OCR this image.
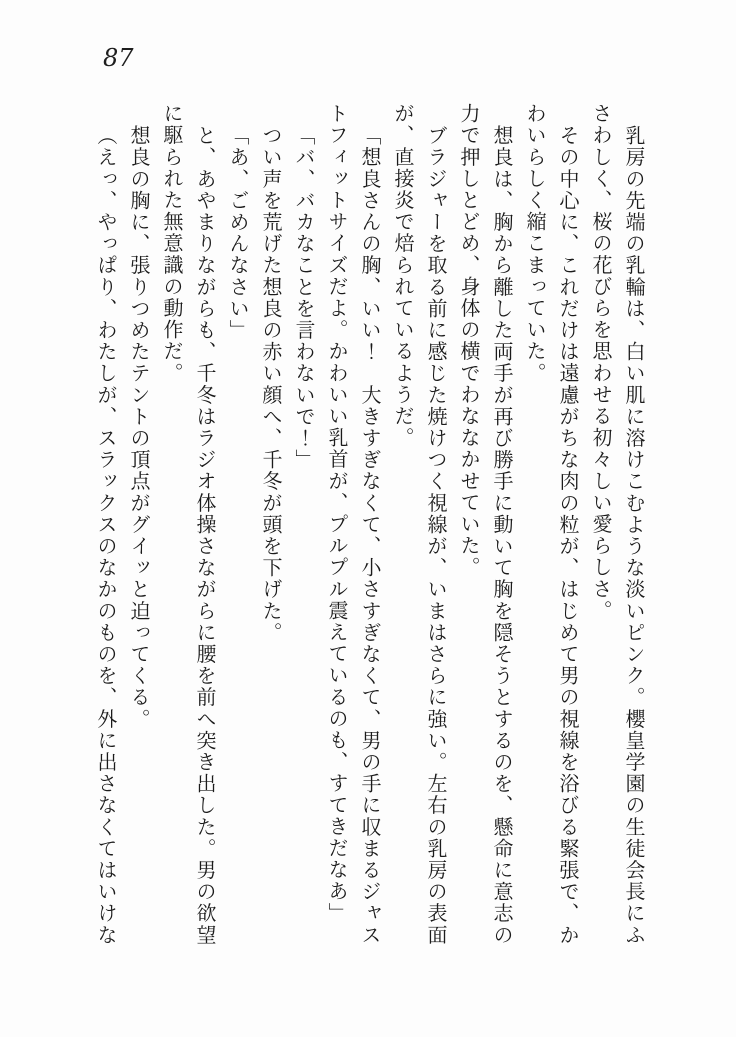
87

乳房の先端の乳輪は、白い肌に溶けこむような淡いピンク。櫻皇学園の生徒会長にふさわしく、桜の花びらを思わせる初々しい愛らしさ。

その中心に、これだけは遠慮がちな肉の粒が、はじめて男の視線を浴びる緊張で、かわいらしく縮こまっていた。

想良は、胸から離した両手が再び勝手に動いて胸を隠そうとするのを、懸命に意志の力で押しとどめ、身体の横でわななかせていた。

ブラジャーを取る前に感じた焼けつく視線が、いまはさらに強い。左右の乳房の表面が、直接炎で焙られているようだ。

「想良さんの胸、いい！　大きすぎなくて、小さすぎなくて、男の手に収まるジャストフィットサイズだよ。かわいい乳首が、プルプル震えているのも、すてきだなあ」

「バ、バカなことを言わないで！」

つい声を荒げた想良の赤い顔へ、千冬が頭を下げた。

「あ、ごめんなさい」

と、あやまりながらも、千冬はラジオ体操さながらに腰を前へ突き出した。男の欲望に駆られた無意識の動作だ。

想良の胸に、張りつめたテントの頂点がグイッと迫ってくる。

（えっ、やっぱり、わたしが、スラックスのなかのものを、外に出さなくてはいけな
